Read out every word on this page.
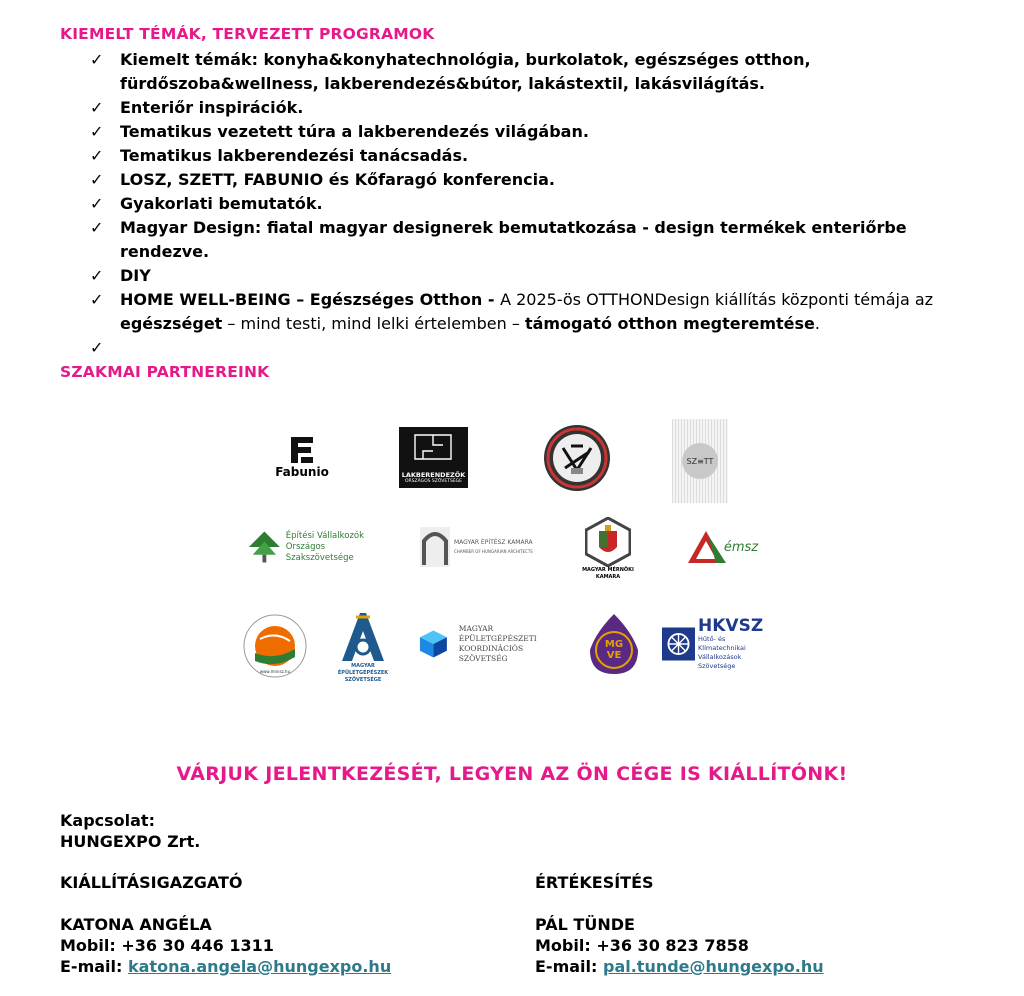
KIEMELT TÉMÁK, TERVEZETT PROGRAMOK
✓ Kiemelt témák: konyha&konyhatechnológia, burkolatok, egészséges otthon, fürdőszoba&wellness, lakberendezés&bútor, lakástextil, lakásvilágítás.
✓ Enteriőr inspirációk.
✓ Tematikus vezetett túra a lakberendezés világában.
✓ Tematikus lakberendezési tanácsadás.
✓ LOSZ, SZETT, FABUNIO és Kőfaragó konferencia.
✓ Gyakorlati bemutatók.
✓ Magyar Design: fiatal magyar designerek bemutatkozása - design termékek enteriőrbe rendezve.
✓ DIY
✓ HOME WELL-BEING – Egészséges Otthon - A 2025-ös OTTHONDesign kiállítás központi témája az egészséget – mind testi, mind lelki értelemben – támogató otthon megteremtése.
✓

SZAKMAI PARTNEREINK
Fabunio	LAKBERENDEZŐK
ORSZÁGOS SZÖVETSÉGE
SZ≡TT
Építési Vállalkozók
Országos Szakszövetsége
MAGYAR ÉPÍTÉSZ KAMARA
CHAMBER OF HUNGARIAN ARCHITECTS
MAGYAR MÉRNÖKI
KAMARA
émsz
www.mnnsz.hu
MAGYAR
ÉPÜLETGÉPÉSZEK
SZÖVETSÉGE
MAGYAR
ÉPÜLETGÉPÉSZETI
KOORDINÁCIÓS SZÖVETSÉG
MG
VE
HKVSZ
Hűtő- és Klímatechnikai
Vállalkozások Szövetsége
VÁRJUK JELENTKEZÉSÉT, LEGYEN AZ ÖN CÉGE IS KIÁLLÍTÓNK!
Kapcsolat:
HUNGEXPO Zrt.
KIÁLLÍTÁSIGAZGATÓ
KATONA ANGÉLA
Mobil: +36 30 446 1311
E-mail: katona.angela@hungexpo.hu
ÉRTÉKESÍTÉS
PÁL TÜNDE
Mobil: +36 30 823 7858
E-mail: pal.tunde@hungexpo.hu
